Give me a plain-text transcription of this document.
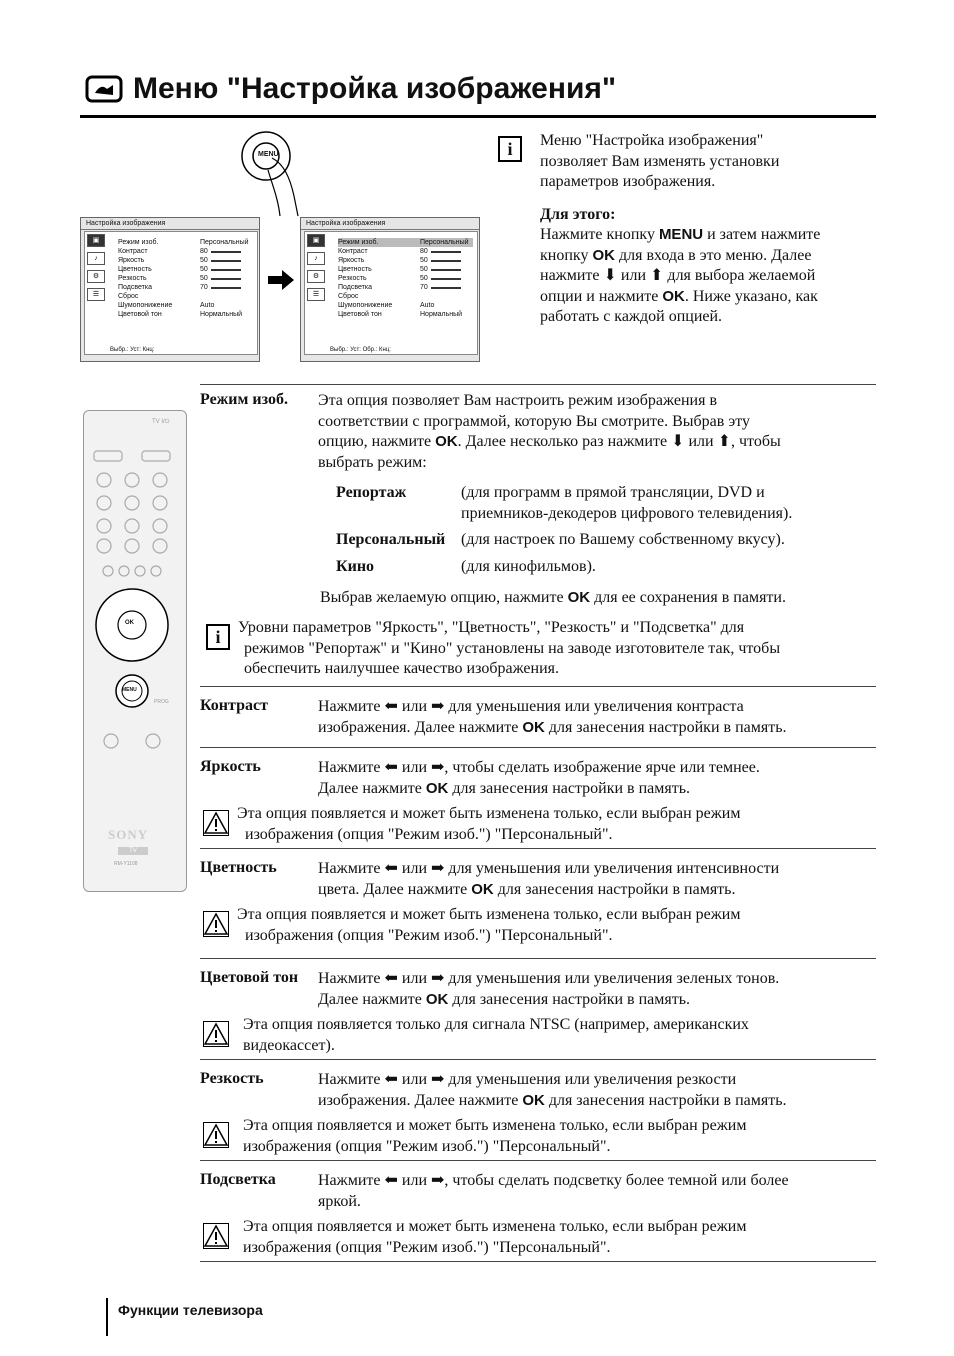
Меню "Настройка изображения"
MENU
Настройка изображения
▣
♪
⚙
☰
Режим изоб.	Персональный
Контраст	80
Яркость	50
Цветность	50
Резкость	50
Подсветка	70
Сброс
Шумопонижение	Auto
Цветовой тон	Нормальный
Выбр.: Уст: Кнц:
Настройка изображения
▣
♪
⚙
☰
Режим изоб.	Персональный
Контраст	80
Яркость	50
Цветность	50
Резкость	50
Подсветка	70
Сброс
Шумопонижение	Auto
Цветовой тон	Нормальный
Выбр.: Уст: Обр.: Кнц:
i	Меню "Настройка изображения"
позволяет Вам изменять установки
параметров изображения.
Для этого:
Нажмите кнопку MENU и затем нажмите
кнопку OK для входа в это меню. Далее
нажмите ⬇ или ⬆ для выбора желаемой
опции и нажмите OK. Ниже указано, как
работать с каждой опцией.
OK
MENU
TV I/⏻
PROG
SONY
TV
RM-Y1108
Режим изоб. Эта опция позволяет Вам настроить режим изображения в
соответствии с программой, которую Вы смотрите. Выбрав эту
опцию, нажмите OK. Далее несколько раз нажмите ⬇ или ⬆, чтобы
выбрать режим:
Репортаж	(для программ в прямой трансляции, DVD и
приемников-декодеров цифрового телевидения).
Персональный (для настроек по Вашему собственному вкусу).
Кино	(для кинофильмов).
Выбрав желаемую опцию, нажмите OK для ее сохранения в памяти.
i	Уровни параметров "Яркость", "Цветность", "Резкость" и "Подсветка" для
режимов "Репортаж" и "Кино" установлены на заводе изготовителе так, чтобы
обеспечить наилучшее качество изображения.
Контраст	Нажмите ⬅ или ➡ для уменьшения или увеличения контраста
изображения. Далее нажмите OK для занесения настройки в память.
Яркость	Нажмите ⬅ или ➡, чтобы сделать изображение ярче или темнее.
Далее нажмите OK для занесения настройки в память.
Эта опция появляется и может быть изменена только, если выбран режим
изображения (опция "Режим изоб.") "Персональный".
Цветность	Нажмите ⬅ или ➡ для уменьшения или увеличения интенсивности
цвета. Далее нажмите OK для занесения настройки в память.
Эта опция появляется и может быть изменена только, если выбран режим
изображения (опция "Режим изоб.") "Персональный".
Цветовой тон Нажмите ⬅ или ➡ для уменьшения или увеличения зеленых тонов.
Далее нажмите OK для занесения настройки в память.
Эта опция появляется только для сигнала NTSC (например, американских
видеокассет).
Резкость	Нажмите ⬅ или ➡ для уменьшения или увеличения резкости
изображения. Далее нажмите OK для занесения настройки в память.
Эта опция появляется и может быть изменена только, если выбран режим
изображения (опция "Режим изоб.") "Персональный".
Подсветка	Нажмите ⬅ или ➡, чтобы сделать подсветку более темной или более
яркой.
Эта опция появляется и может быть изменена только, если выбран режим
изображения (опция "Режим изоб.") "Персональный".
Функции телевизора
